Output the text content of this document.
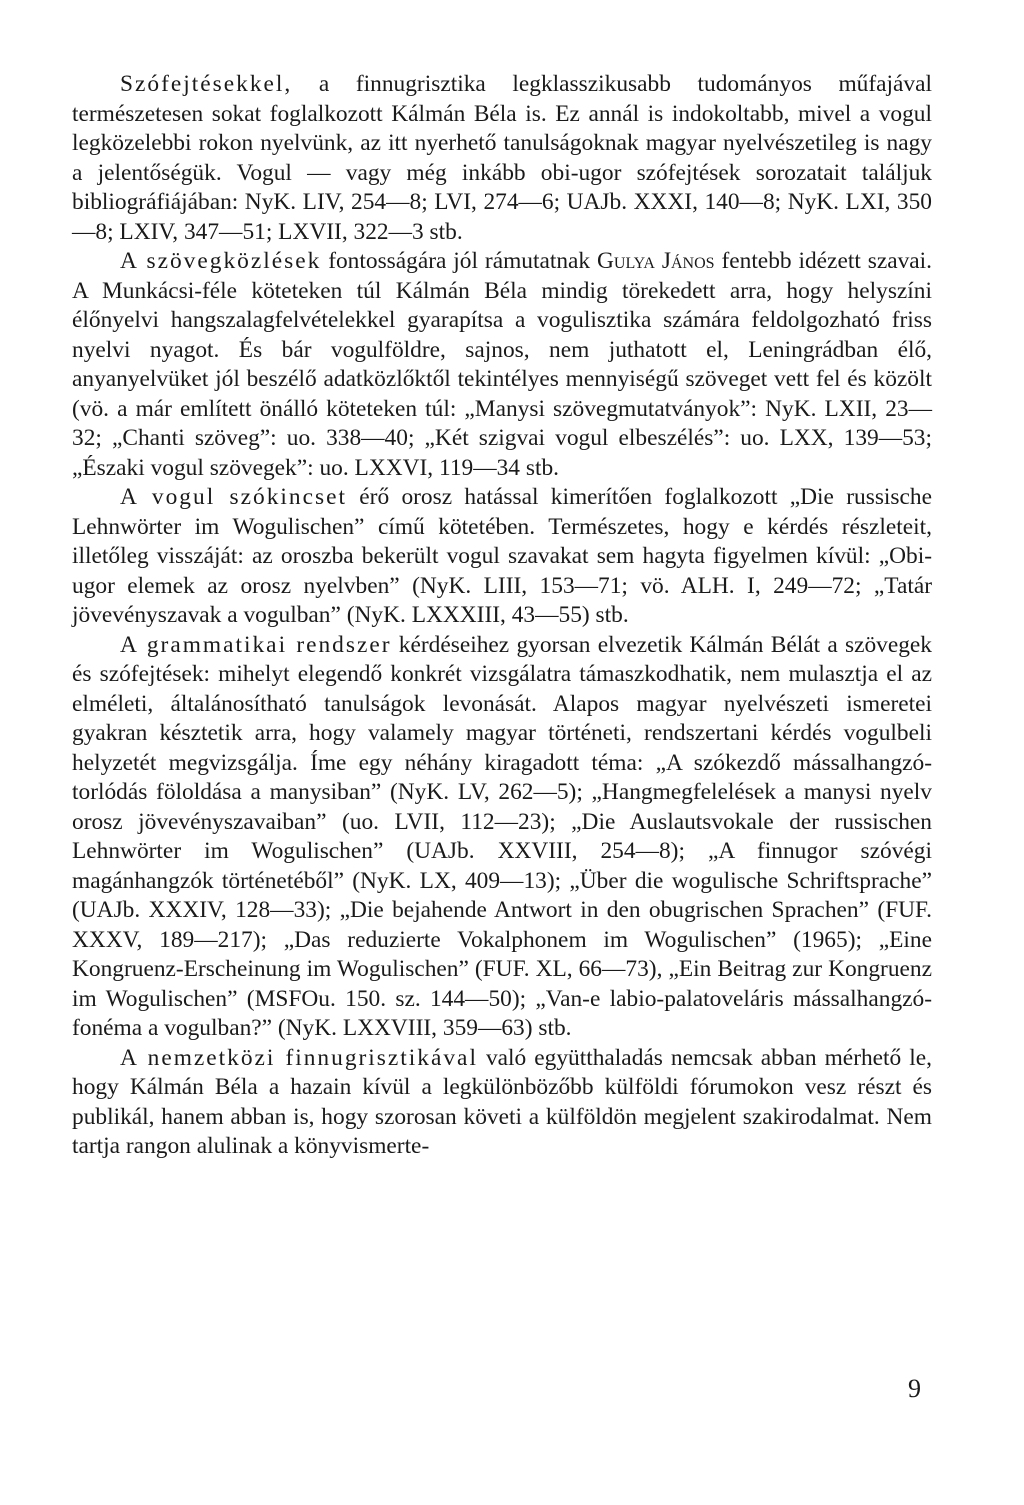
Szófejtésekkel, a finnugrisztika legklasszikusabb tudományos műfajával természetesen sokat foglalkozott Kálmán Béla is. Ez annál is indokoltabb, mivel a vogul legközelebbi rokon nyelvünk, az itt nyerhető tanulságoknak magyar nyelvészetileg is nagy a jelentőségük. Vogul — vagy még inkább obi-ugor szófejtések sorozatait találjuk bibliográfiájában: NyK. LIV, 254—8; LVI, 274—6; UAJb. XXXI, 140—8; NyK. LXI, 350—8; LXIV, 347—51; LXVII, 322—3 stb.

A szövegközlések fontosságára jól rámutatnak Gulya János fentebb idézett szavai. A Munkácsi-féle köteteken túl Kálmán Béla mindig törekedett arra, hogy helyszíni élőnyelvi hangszalagfelvételekkel gyarapítsa a vogulisztika számára feldolgozható friss nyelvi nyagot. És bár vogulföldre, sajnos, nem juthatott el, Leningrádban élő, anyanyelvüket jól beszélő adatközlőktől tekintélyes mennyiségű szöveget vett fel és közölt (vö. a már említett önálló köteteken túl: „Manysi szövegmutatványok”: NyK. LXII, 23—32; „Chanti szöveg”: uo. 338—40; „Két szigvai vogul elbeszélés”: uo. LXX, 139—53; „Északi vogul szövegek”: uo. LXXVI, 119—34 stb.

A vogul szókincset érő orosz hatással kimerítően foglalkozott „Die russische Lehnwörter im Wogulischen” című kötetében. Természetes, hogy e kérdés részleteit, illetőleg visszáját: az oroszba bekerült vogul szavakat sem hagyta figyelmen kívül: „Obi-ugor elemek az orosz nyelvben” (NyK. LIII, 153—71; vö. ALH. I, 249—72; „Tatár jövevényszavak a vogulban” (NyK. LXXXIII, 43—55) stb.

A grammatikai rendszer kérdéseihez gyorsan elvezetik Kálmán Bélát a szövegek és szófejtések: mihelyt elegendő konkrét vizsgálatra támaszkodhatik, nem mulasztja el az elméleti, általánosítható tanulságok levonását. Alapos magyar nyelvészeti ismeretei gyakran késztetik arra, hogy valamely magyar történeti, rendszertani kérdés vogulbeli helyzetét megvizsgálja. Íme egy néhány kiragadott téma: „A szókezdő mássalhangzó-torlódás föloldása a manysiban” (NyK. LV, 262—5); „Hangmegfelelések a manysi nyelv orosz jövevényszavaiban” (uo. LVII, 112—23); „Die Auslautsvokale der russischen Lehnwörter im Wogulischen” (UAJb. XXVIII, 254—8); „A finnugor szóvégi magánhangzók történetéből” (NyK. LX, 409—13); „Über die wogulische Schriftsprache” (UAJb. XXXIV, 128—33); „Die bejahende Antwort in den obugrischen Sprachen” (FUF. XXXV, 189—217); „Das reduzierte Vokalphonem im Wogulischen” (1965); „Eine Kongruenz-Erscheinung im Wogulischen” (FUF. XL, 66—73), „Ein Beitrag zur Kongruenz im Wogulischen” (MSFOu. 150. sz. 144—50); „Van-e labio-palatoveláris mássalhangzó-fonéma a vogulban?” (NyK. LXXVIII, 359—63) stb.

A nemzetközi finnugrisztikával való együtthaladás nemcsak abban mérhető le, hogy Kálmán Béla a hazain kívül a legkülönbözőbb külföldi fórumokon vesz részt és publikál, hanem abban is, hogy szorosan követi a külföldön megjelent szakirodalmat. Nem tartja rangon alulinak a könyvismerte-

9
